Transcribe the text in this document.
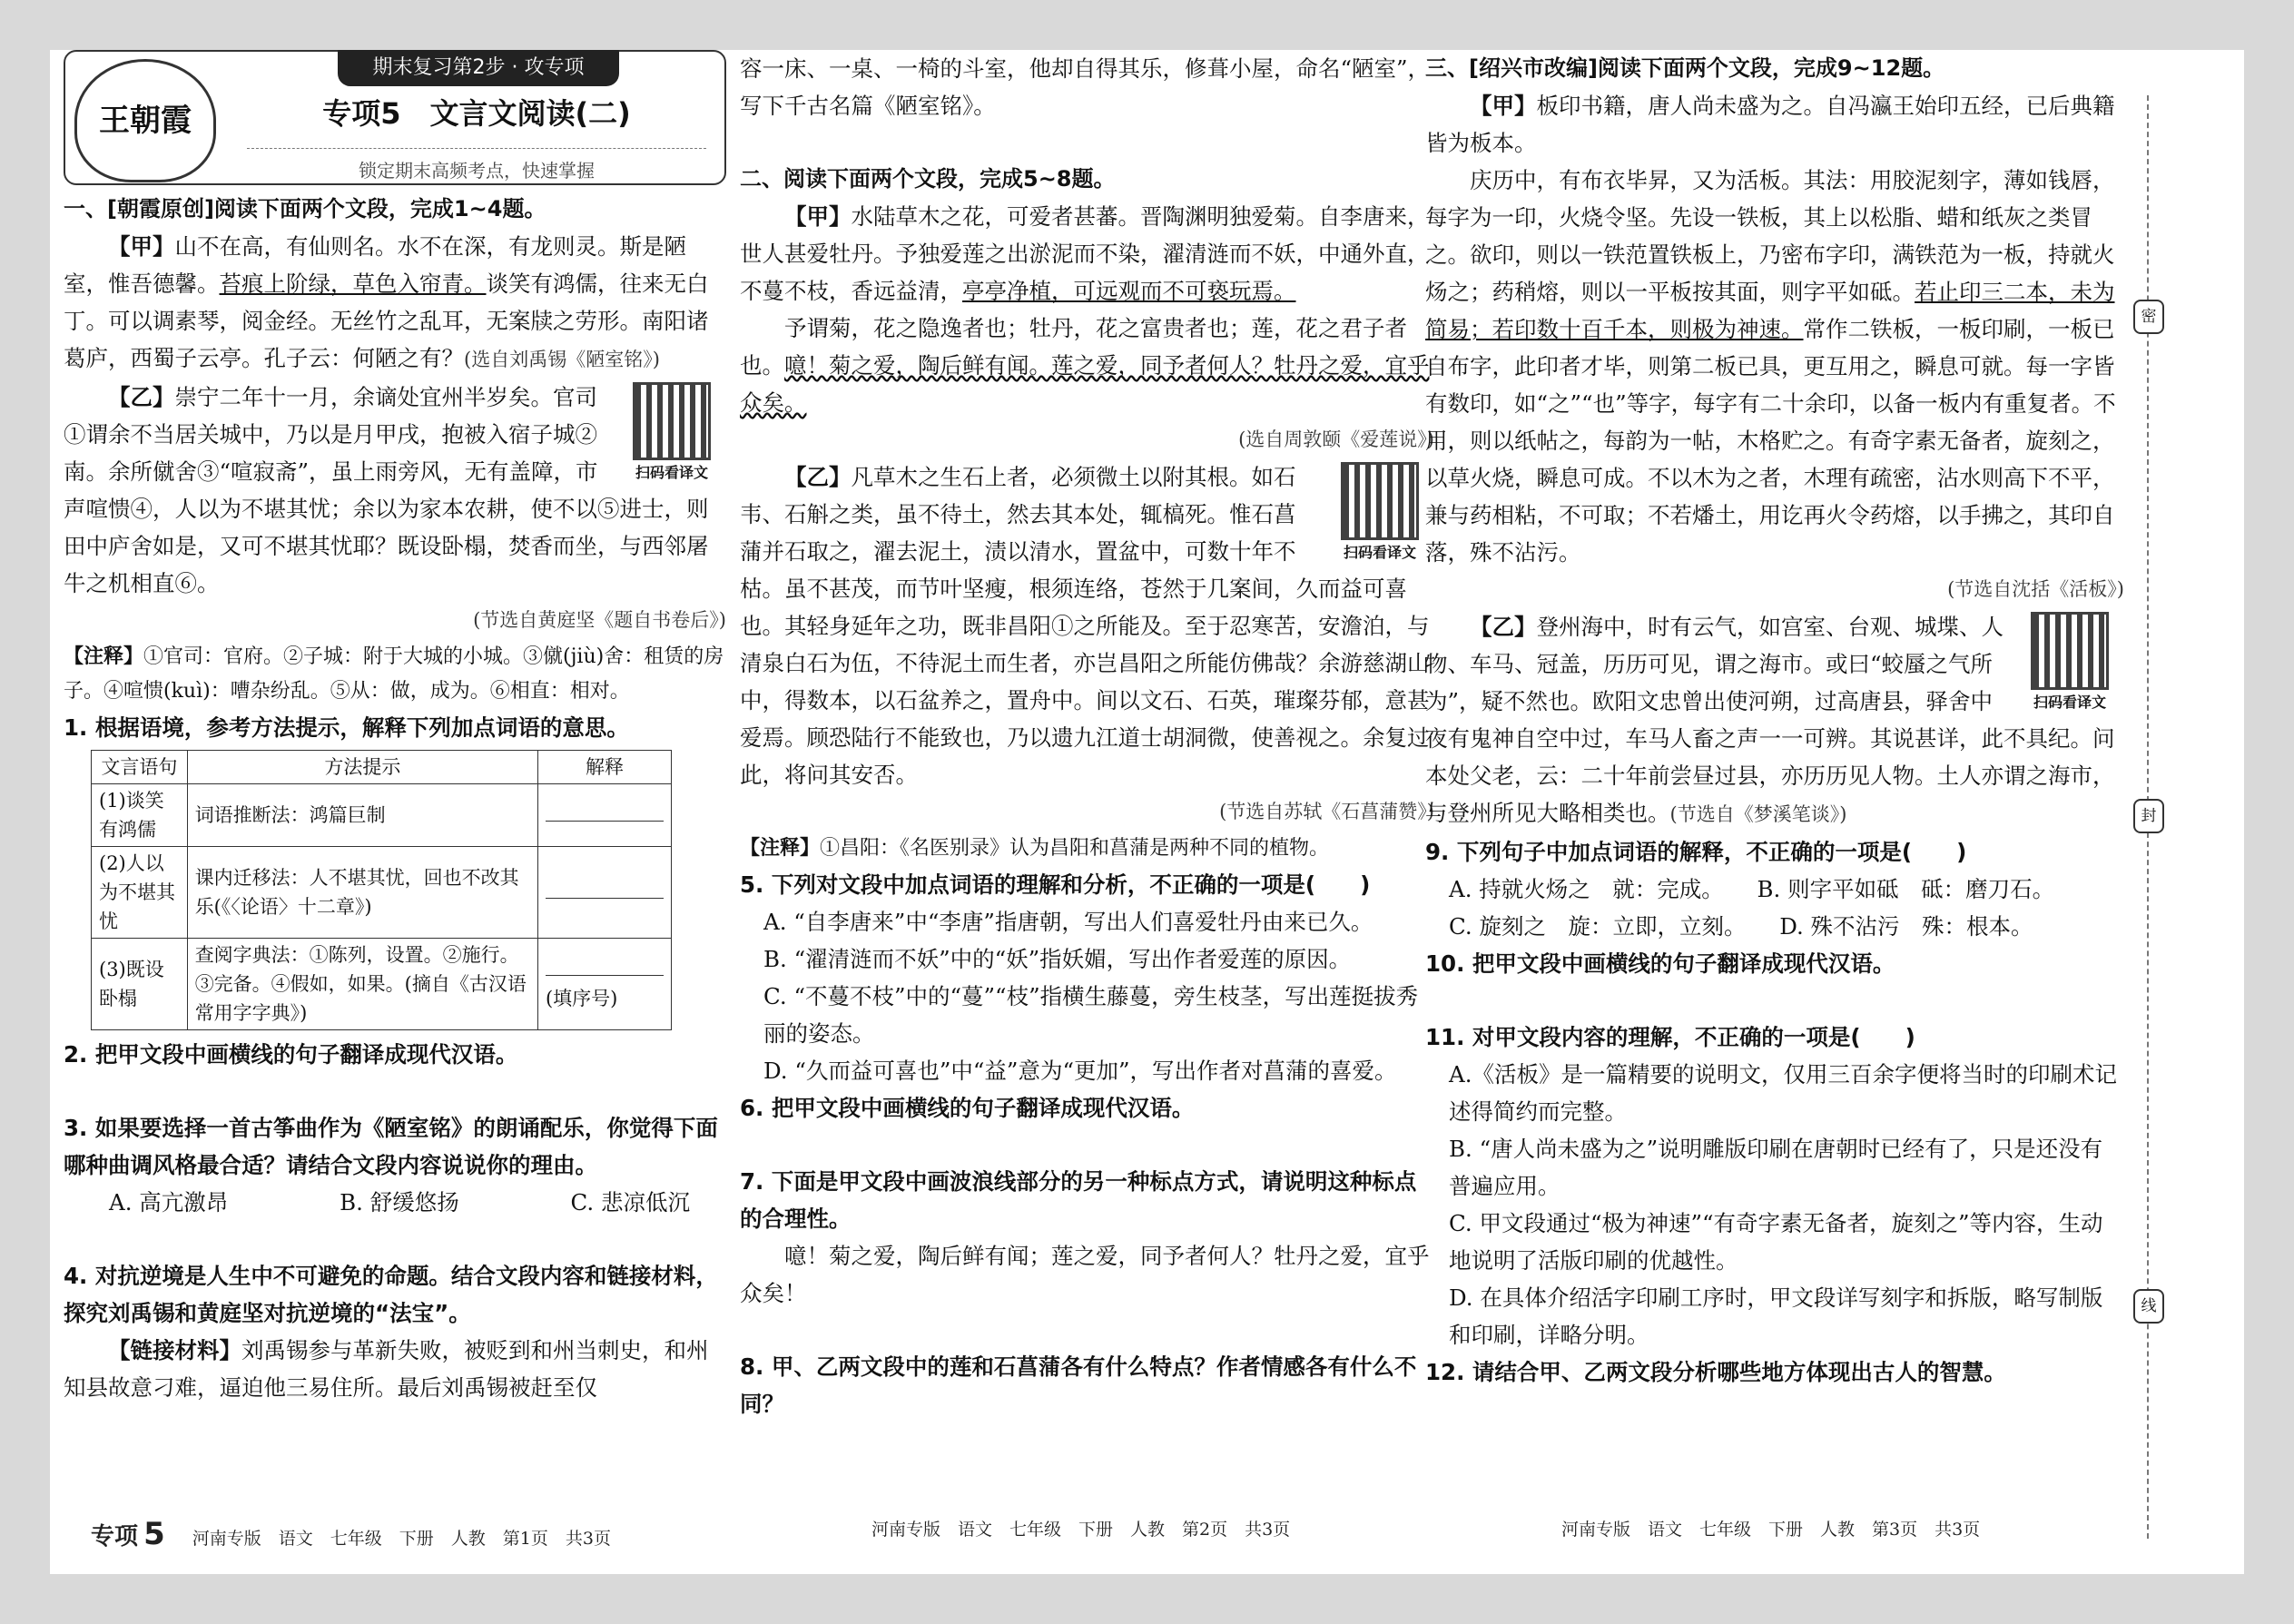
王朝霞
期末复习第2步 · 攻专项
专项5　文言文阅读(二)
锁定期末高频考点，快速掌握

一、[朝霞原创]阅读下面两个文段，完成1~4题。

【甲】山不在高，有仙则名。水不在深，有龙则灵。斯是陋室，惟吾德馨。苔痕上阶绿，草色入帘青。谈笑有鸿儒，往来无白丁。可以调素琴，阅金经。无丝竹之乱耳，无案牍之劳形。南阳诸葛庐，西蜀子云亭。孔子云：何陋之有？(选自刘禹锡《陋室铭》)

扫码看译文

【乙】崇宁二年十一月，余谪处宜州半岁矣。官司①谓余不当居关城中，乃以是月甲戌，抱被入宿子城②南。余所僦舍③“喧寂斋”，虽上雨旁风，无有盖障，市声喧愦④，人以为不堪其忧；余以为家本农耕，使不以⑤进士，则田中庐舍如是，又可不堪其忧耶？既设卧榻，焚香而坐，与西邻屠牛之机相直⑥。

(节选自黄庭坚《题自书卷后》)

【注释】①官司：官府。②子城：附于大城的小城。③僦(jiù)舍：租赁的房子。④喧愦(kuì)：嘈杂纷乱。⑤从：做，成为。⑥相直：相对。

1. 根据语境，参考方法提示，解释下列加点词语的意思。

文言语句	方法提示	解释
(1)谈笑有鸿儒	词语推断法：鸿篇巨制	
(2)人以为不堪其忧	课内迁移法：人不堪其忧，回也不改其乐(《〈论语〉十二章》)	
(3)既设卧榻	查阅字典法：①陈列，设置。②施行。③完备。④假如，如果。(摘自《古汉语常用字字典》)	(填序号)

2. 把甲文段中画横线的句子翻译成现代汉语。

3. 如果要选择一首古筝曲作为《陋室铭》的朗诵配乐，你觉得下面哪种曲调风格最合适？请结合文段内容说说你的理由。

A. 高亢激昂	B. 舒缓悠扬	C. 悲凉低沉

4. 对抗逆境是人生中不可避免的命题。结合文段内容和链接材料，探究刘禹锡和黄庭坚对抗逆境的“法宝”。

【链接材料】刘禹锡参与革新失败，被贬到和州当刺史，和州知县故意刁难，逼迫他三易住所。最后刘禹锡被赶至仅

容一床、一桌、一椅的斗室，他却自得其乐，修葺小屋，命名“陋室”，写下千古名篇《陋室铭》。

二、阅读下面两个文段，完成5~8题。

【甲】水陆草木之花，可爱者甚蕃。晋陶渊明独爱菊。自李唐来，世人甚爱牡丹。予独爱莲之出淤泥而不染，濯清涟而不妖，中通外直，不蔓不枝，香远益清，亭亭净植，可远观而不可亵玩焉。

予谓菊，花之隐逸者也；牡丹，花之富贵者也；莲，花之君子者也。噫！菊之爱，陶后鲜有闻。莲之爱，同予者何人？牡丹之爱，宜乎众矣。

(选自周敦颐《爱莲说》)

扫码看译文

【乙】凡草木之生石上者，必须微土以附其根。如石韦、石斛之类，虽不待土，然去其本处，辄槁死。惟石菖蒲并石取之，濯去泥土，渍以清水，置盆中，可数十年不枯。虽不甚茂，而节叶坚瘦，根须连络，苍然于几案间，久而益可喜也。其轻身延年之功，既非昌阳①之所能及。至于忍寒苦，安澹泊，与清泉白石为伍，不待泥土而生者，亦岂昌阳之所能仿佛哉？余游慈湖山中，得数本，以石盆养之，置舟中。间以文石、石英，璀璨芬郁，意甚爱焉。顾恐陆行不能致也，乃以遗九江道士胡洞微，使善视之。余复过此，将问其安否。

(节选自苏轼《石菖蒲赞》)

【注释】①昌阳：《名医别录》认为昌阳和菖蒲是两种不同的植物。

5. 下列对文段中加点词语的理解和分析，不正确的一项是(　　)

A. “自李唐来”中“李唐”指唐朝，写出人们喜爱牡丹由来已久。

B. “濯清涟而不妖”中的“妖”指妖媚，写出作者爱莲的原因。

C. “不蔓不枝”中的“蔓”“枝”指横生藤蔓，旁生枝茎，写出莲挺拔秀丽的姿态。

D. “久而益可喜也”中“益”意为“更加”，写出作者对菖蒲的喜爱。

6. 把甲文段中画横线的句子翻译成现代汉语。

7. 下面是甲文段中画波浪线部分的另一种标点方式，请说明这种标点的合理性。

噫！菊之爱，陶后鲜有闻；莲之爱，同予者何人？牡丹之爱，宜乎众矣！

8. 甲、乙两文段中的莲和石菖蒲各有什么特点？作者情感各有什么不同？

三、[绍兴市改编]阅读下面两个文段，完成9~12题。

【甲】板印书籍，唐人尚未盛为之。自冯瀛王始印五经，已后典籍皆为板本。

庆历中，有布衣毕昇，又为活板。其法：用胶泥刻字，薄如钱唇，每字为一印，火烧令坚。先设一铁板，其上以松脂、蜡和纸灰之类冒之。欲印，则以一铁范置铁板上，乃密布字印，满铁范为一板，持就火炀之；药稍熔，则以一平板按其面，则字平如砥。若止印三二本，未为简易；若印数十百千本，则极为神速。常作二铁板，一板印刷，一板已自布字，此印者才毕，则第二板已具，更互用之，瞬息可就。每一字皆有数印，如“之”“也”等字，每字有二十余印，以备一板内有重复者。不用，则以纸帖之，每韵为一帖，木格贮之。有奇字素无备者，旋刻之，以草火烧，瞬息可成。不以木为之者，木理有疏密，沾水则高下不平，兼与药相粘，不可取；不若燔土，用讫再火令药熔，以手拂之，其印自落，殊不沾污。

(节选自沈括《活板》)

扫码看译文

【乙】登州海中，时有云气，如宫室、台观、城堞、人物、车马、冠盖，历历可见，谓之海市。或曰“蛟蜃之气所为”，疑不然也。欧阳文忠曾出使河朔，过高唐县，驿舍中夜有鬼神自空中过，车马人畜之声一一可辨。其说甚详，此不具纪。问本处父老，云：二十年前尝昼过县，亦历历见人物。土人亦谓之海市，与登州所见大略相类也。(节选自《梦溪笔谈》)

9. 下列句子中加点词语的解释，不正确的一项是(　　)

A. 持就火炀之　就：完成。　　 B. 则字平如砥　砥：磨刀石。

C. 旋刻之　旋：立即，立刻。　　 D. 殊不沾污　殊：根本。

10. 把甲文段中画横线的句子翻译成现代汉语。

11. 对甲文段内容的理解，不正确的一项是(　　)

A.《活板》是一篇精要的说明文，仅用三百余字便将当时的印刷术记述得简约而完整。

B. “唐人尚未盛为之”说明雕版印刷在唐朝时已经有了，只是还没有普遍应用。

C. 甲文段通过“极为神速”“有奇字素无备者，旋刻之”等内容，生动地说明了活版印刷的优越性。

D. 在具体介绍活字印刷工序时，甲文段详写刻字和拆版，略写制版和印刷，详略分明。

12. 请结合甲、乙两文段分析哪些地方体现出古人的智慧。

密
封
线
专项 5 河南专版　语文　七年级　下册　人教　第1页　共3页	河南专版　语文　七年级　下册　人教　第2页　共3页	河南专版　语文　七年级　下册　人教　第3页　共3页
